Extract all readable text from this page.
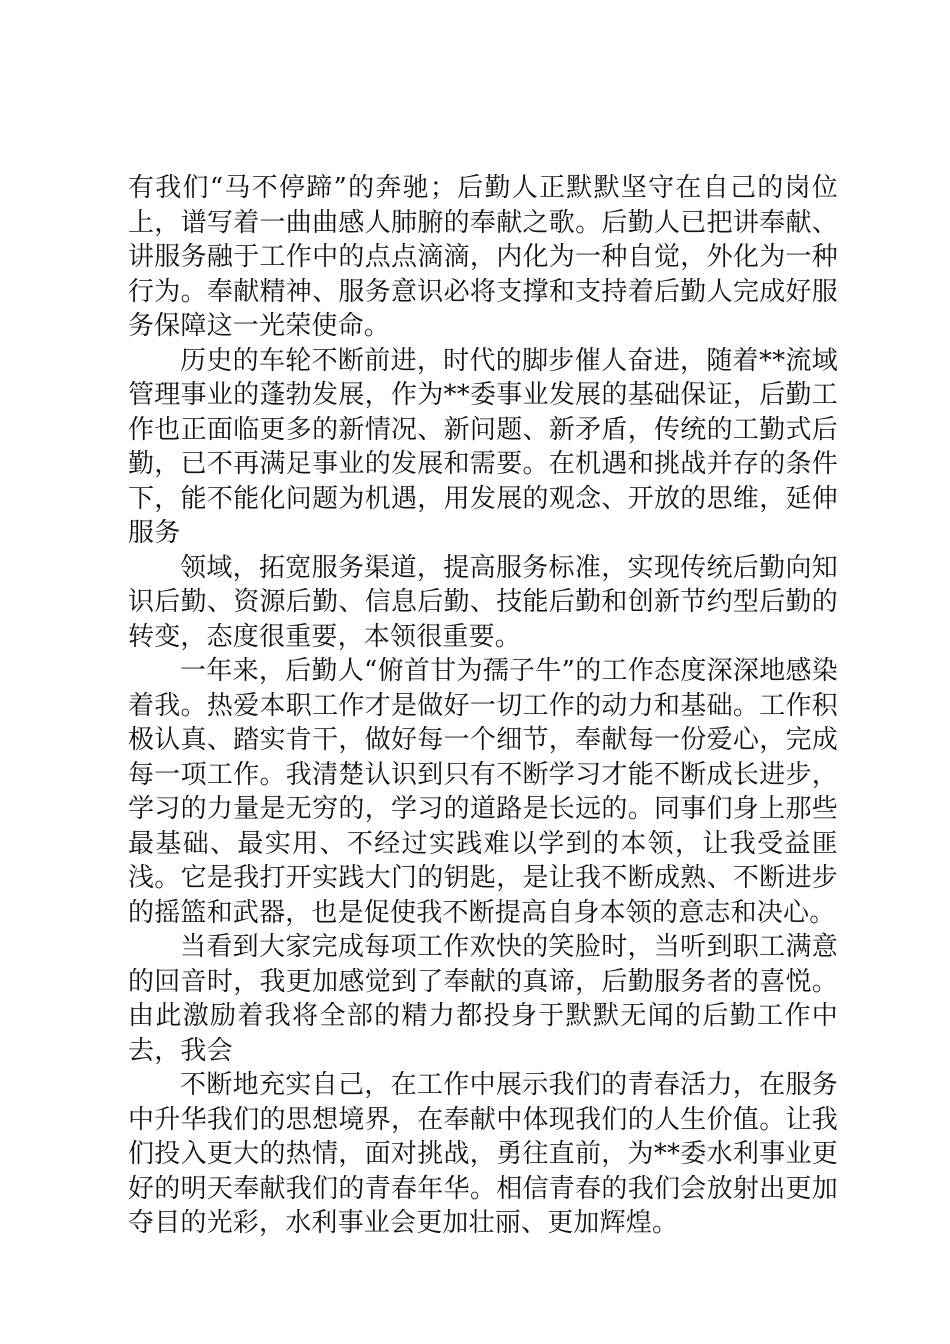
有我们“马不停蹄”的奔驰；后勤人正默默坚守在自己的岗位上，谱写着一曲曲感人肺腑的奉献之歌。后勤人已把讲奉献、讲服务融于工作中的点点滴滴，内化为一种自觉，外化为一种行为。奉献精神、服务意识必将支撑和支持着后勤人完成好服务保障这一光荣使命。

历史的车轮不断前进，时代的脚步催人奋进，随着**流域管理事业的蓬勃发展，作为**委事业发展的基础保证，后勤工作也正面临更多的新情况、新问题、新矛盾，传统的工勤式后勤，已不再满足事业的发展和需要。在机遇和挑战并存的条件下，能不能化问题为机遇，用发展的观念、开放的思维，延伸服务

领域，拓宽服务渠道，提高服务标准，实现传统后勤向知识后勤、资源后勤、信息后勤、技能后勤和创新节约型后勤的转变，态度很重要，本领很重要。

一年来，后勤人“俯首甘为孺子牛”的工作态度深深地感染着我。热爱本职工作才是做好一切工作的动力和基础。工作积极认真、踏实肯干，做好每一个细节，奉献每一份爱心，完成每一项工作。我清楚认识到只有不断学习才能不断成长进步，学习的力量是无穷的，学习的道路是长远的。同事们身上那些最基础、最实用、不经过实践难以学到的本领，让我受益匪浅。它是我打开实践大门的钥匙，是让我不断成熟、不断进步的摇篮和武器，也是促使我不断提高自身本领的意志和决心。

当看到大家完成每项工作欢快的笑脸时，当听到职工满意的回音时，我更加感觉到了奉献的真谛，后勤服务者的喜悦。由此激励着我将全部的精力都投身于默默无闻的后勤工作中去，我会

不断地充实自己，在工作中展示我们的青春活力，在服务中升华我们的思想境界，在奉献中体现我们的人生价值。让我们投入更大的热情，面对挑战，勇往直前，为**委水利事业更好的明天奉献我们的青春年华。相信青春的我们会放射出更加夺目的光彩，水利事业会更加壮丽、更加辉煌。
